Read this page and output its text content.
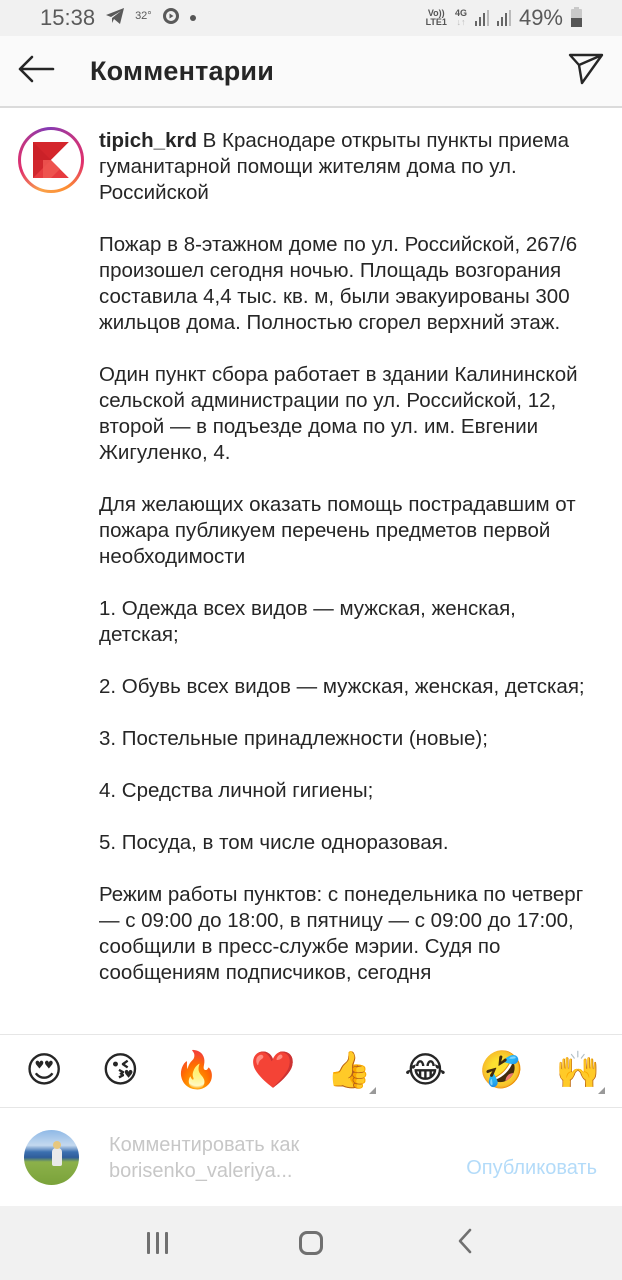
15:38	32°	Vo))
LTE1
4G
↓↑ 49%
Комментарии

tipich_krd В Краснодаре открыты пункты приема гуманитарной помощи жителям дома по ул. Российской

Пожар в 8-этажном доме по ул. Российской, 267/6 произошел сегодня ночью. Площадь возгорания составила 4,4 тыс. кв. м, были эвакуированы 300 жильцов дома. Полностью сгорел верхний этаж.

Один пункт сбора работает в здании Калининской сельской администрации по ул. Российской, 12, второй — в подъезде дома по ул. им. Евгении Жигуленко, 4.

Для желающих оказать помощь пострадавшим от пожара публикуем перечень предметов первой необходимости

1. Одежда всех видов — мужская, женская, детская;

2. Обувь всех видов — мужская, женская, детская;

3. Постельные принадлежности (новые);

4. Средства личной гигиены;

5. Посуда, в том числе одноразовая.

Режим работы пунктов: с понедельника по четверг — с 09:00 до 18:00, в пятницу — с 09:00 до 17:00, сообщили в пресс-службе мэрии. Судя по сообщениям подписчиков, сегодня

😍 😘 🔥 ❤️ 👍 😂 🤣 🙌
Комментировать как
borisenko_valeriya...	Опубликовать
